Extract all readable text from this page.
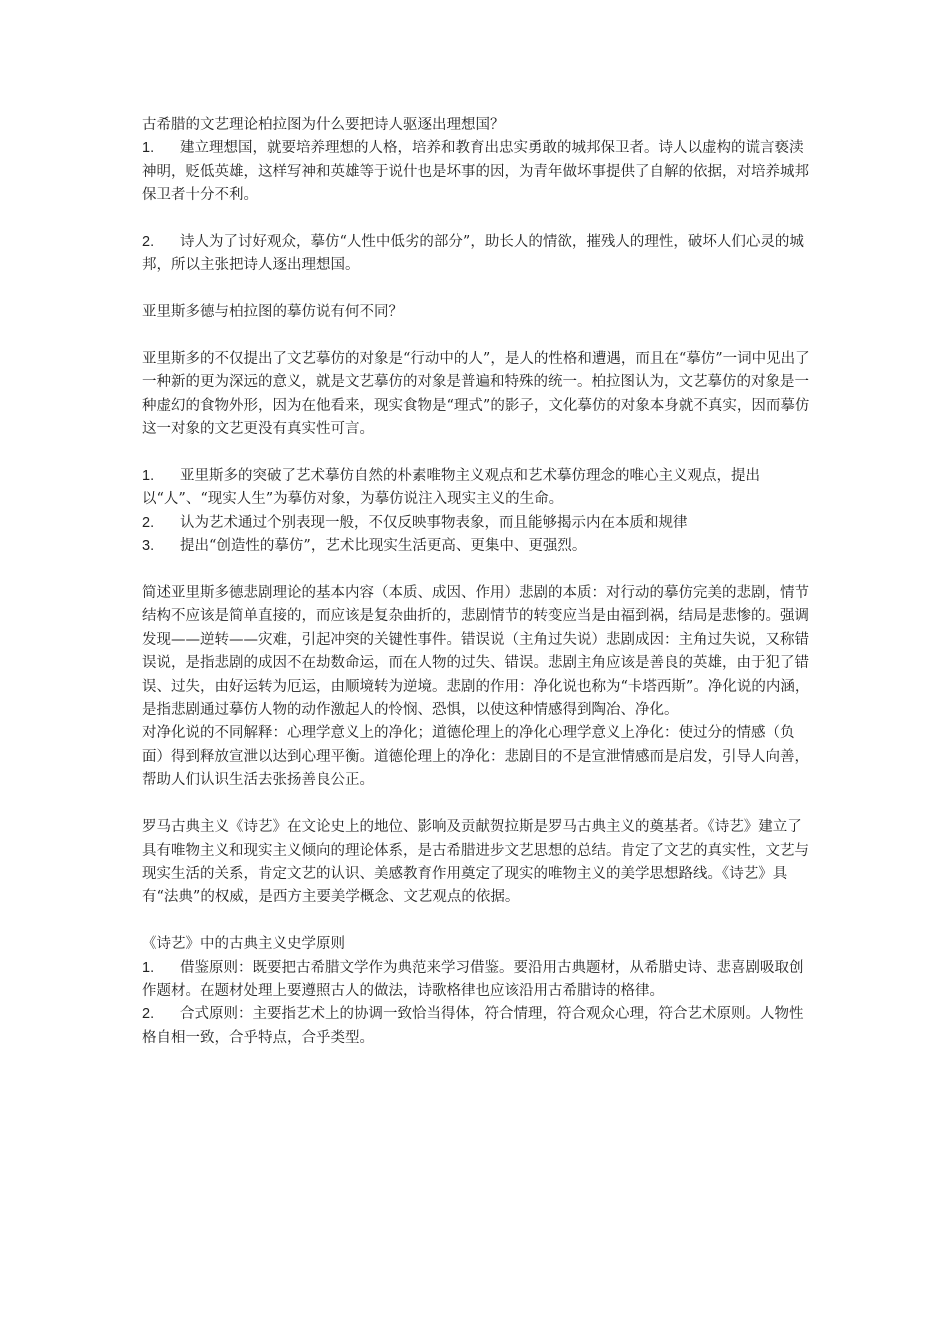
古希腊的文艺理论柏拉图为什么要把诗人驱逐出理想国？

1. 建立理想国，就要培养理想的人格，培养和教育出忠实勇敢的城邦保卫者。诗人以虚构的谎言亵渎神明，贬低英雄，这样写神和英雄等于说什也是坏事的因，为青年做坏事提供了自解的依据，对培养城邦保卫者十分不利。

2. 诗人为了讨好观众，摹仿“人性中低劣的部分”，助长人的情欲，摧残人的理性，破坏人们心灵的城邦，所以主张把诗人逐出理想国。

亚里斯多德与柏拉图的摹仿说有何不同？

亚里斯多的不仅提出了文艺摹仿的对象是“行动中的人”，是人的性格和遭遇，而且在“摹仿”一词中见出了一种新的更为深远的意义，就是文艺摹仿的对象是普遍和特殊的统一。柏拉图认为，文艺摹仿的对象是一种虚幻的食物外形，因为在他看来，现实食物是“理式”的影子，文化摹仿的对象本身就不真实，因而摹仿这一对象的文艺更没有真实性可言。

1. 亚里斯多的突破了艺术摹仿自然的朴素唯物主义观点和艺术摹仿理念的唯心主义观点，提出以“人”、“现实人生”为摹仿对象，为摹仿说注入现实主义的生命。

2. 认为艺术通过个别表现一般，不仅反映事物表象，而且能够揭示内在本质和规律

3. 提出“创造性的摹仿”，艺术比现实生活更高、更集中、更强烈。

简述亚里斯多德悲剧理论的基本内容（本质、成因、作用）悲剧的本质：对行动的摹仿完美的悲剧，情节结构不应该是简单直接的，而应该是复杂曲折的，悲剧情节的转变应当是由福到祸，结局是悲惨的。强调发现——逆转——灾难，引起冲突的关键性事件。错误说（主角过失说）悲剧成因：主角过失说，又称错误说，是指悲剧的成因不在劫数命运，而在人物的过失、错误。悲剧主角应该是善良的英雄，由于犯了错误、过失，由好运转为厄运，由顺境转为逆境。悲剧的作用：净化说也称为“卡塔西斯”。净化说的内涵，是指悲剧通过摹仿人物的动作激起人的怜悯、恐惧，以使这种情感得到陶冶、净化。

对净化说的不同解释：心理学意义上的净化；道德伦理上的净化心理学意义上净化：使过分的情感（负面）得到释放宣泄以达到心理平衡。道德伦理上的净化：悲剧目的不是宣泄情感而是启发，引导人向善，帮助人们认识生活去张扬善良公正。

罗马古典主义《诗艺》在文论史上的地位、影响及贡献贺拉斯是罗马古典主义的奠基者。《诗艺》建立了具有唯物主义和现实主义倾向的理论体系，是古希腊进步文艺思想的总结。肯定了文艺的真实性，文艺与现实生活的关系，肯定文艺的认识、美感教育作用奠定了现实的唯物主义的美学思想路线。《诗艺》具有“法典”的权威，是西方主要美学概念、文艺观点的依据。

《诗艺》中的古典主义史学原则

1. 借鉴原则：既要把古希腊文学作为典范来学习借鉴。要沿用古典题材，从希腊史诗、悲喜剧吸取创作题材。在题材处理上要遵照古人的做法，诗歌格律也应该沿用古希腊诗的格律。

2. 合式原则：主要指艺术上的协调一致恰当得体，符合情理，符合观众心理，符合艺术原则。人物性格自相一致，合乎特点，合乎类型。
